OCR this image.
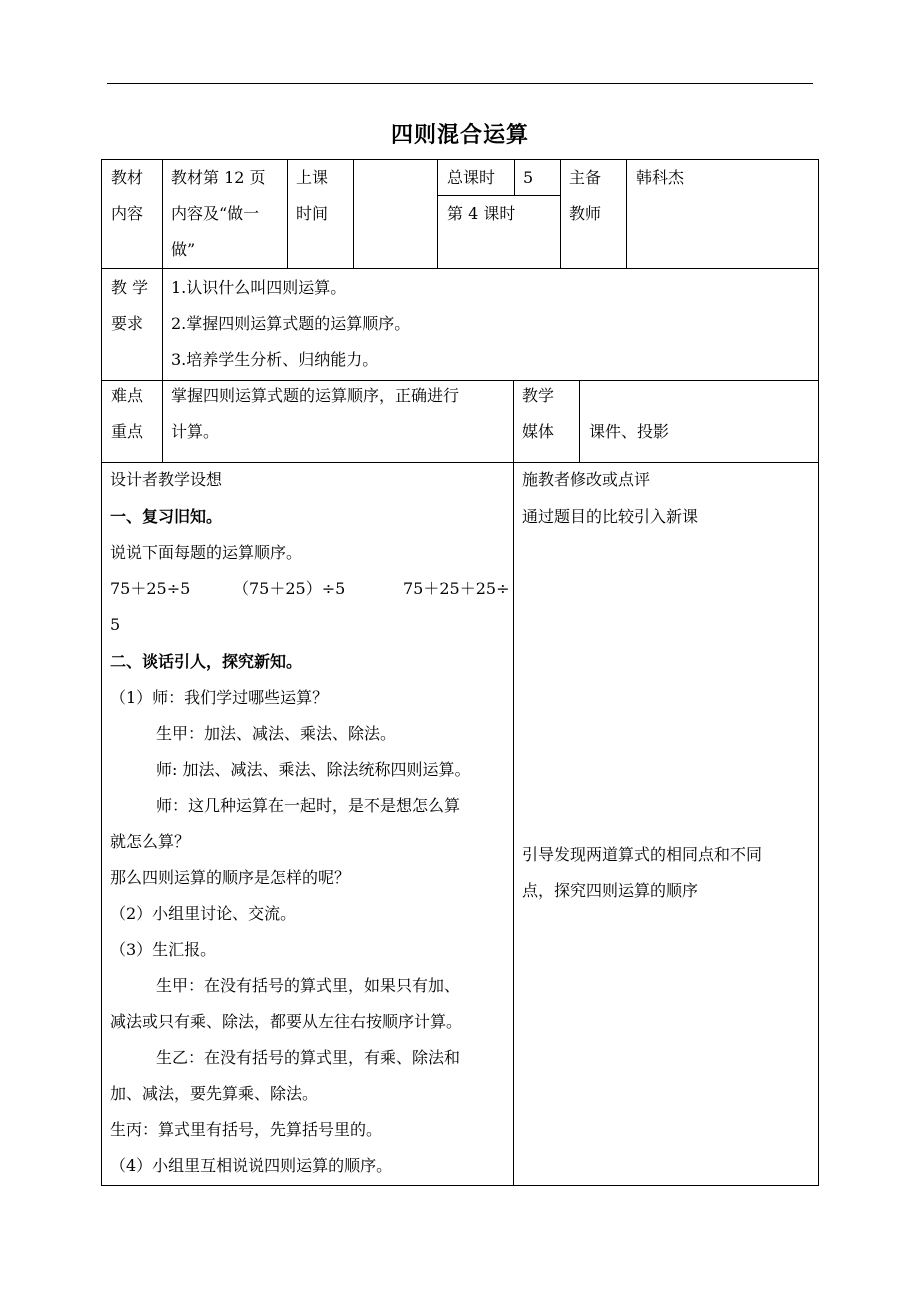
四则混合运算
教材
内容
教材第 12 页
内容及“做一
做”
上课
时间
总课时 5
第 4 课时
主备
教师
韩科杰
教 学
要求
1.认识什么叫四则运算。
2.掌握四则运算式题的运算顺序。
3.培养学生分析、归纳能力。
难点
重点
掌握四则运算式题的运算顺序，正确进行
计算。
教学
媒体 课件、投影
设计者教学设想
一、复习旧知。
说说下面每题的运算顺序。
75＋25÷5	（75＋25）÷5	75＋25＋25÷
5
二、谈话引人，探究新知。
（1）师：我们学过哪些运算？
生甲：加法、减法、乘法、除法。
师: 加法、减法、乘法、除法统称四则运算。
师：这几种运算在一起时，是不是想怎么算
就怎么算？
那么四则运算的顺序是怎样的呢？
（2）小组里讨论、交流。
（3）生汇报。
生甲：在没有括号的算式里，如果只有加、
减法或只有乘、除法，都要从左往右按顺序计算。
生乙：在没有括号的算式里，有乘、除法和
加、减法，要先算乘、除法。
生丙：算式里有括号，先算括号里的。
（4）小组里互相说说四则运算的顺序。
施教者修改或点评
通过题目的比较引入新课
引导发现两道算式的相同点和不同
点，探究四则运算的顺序
